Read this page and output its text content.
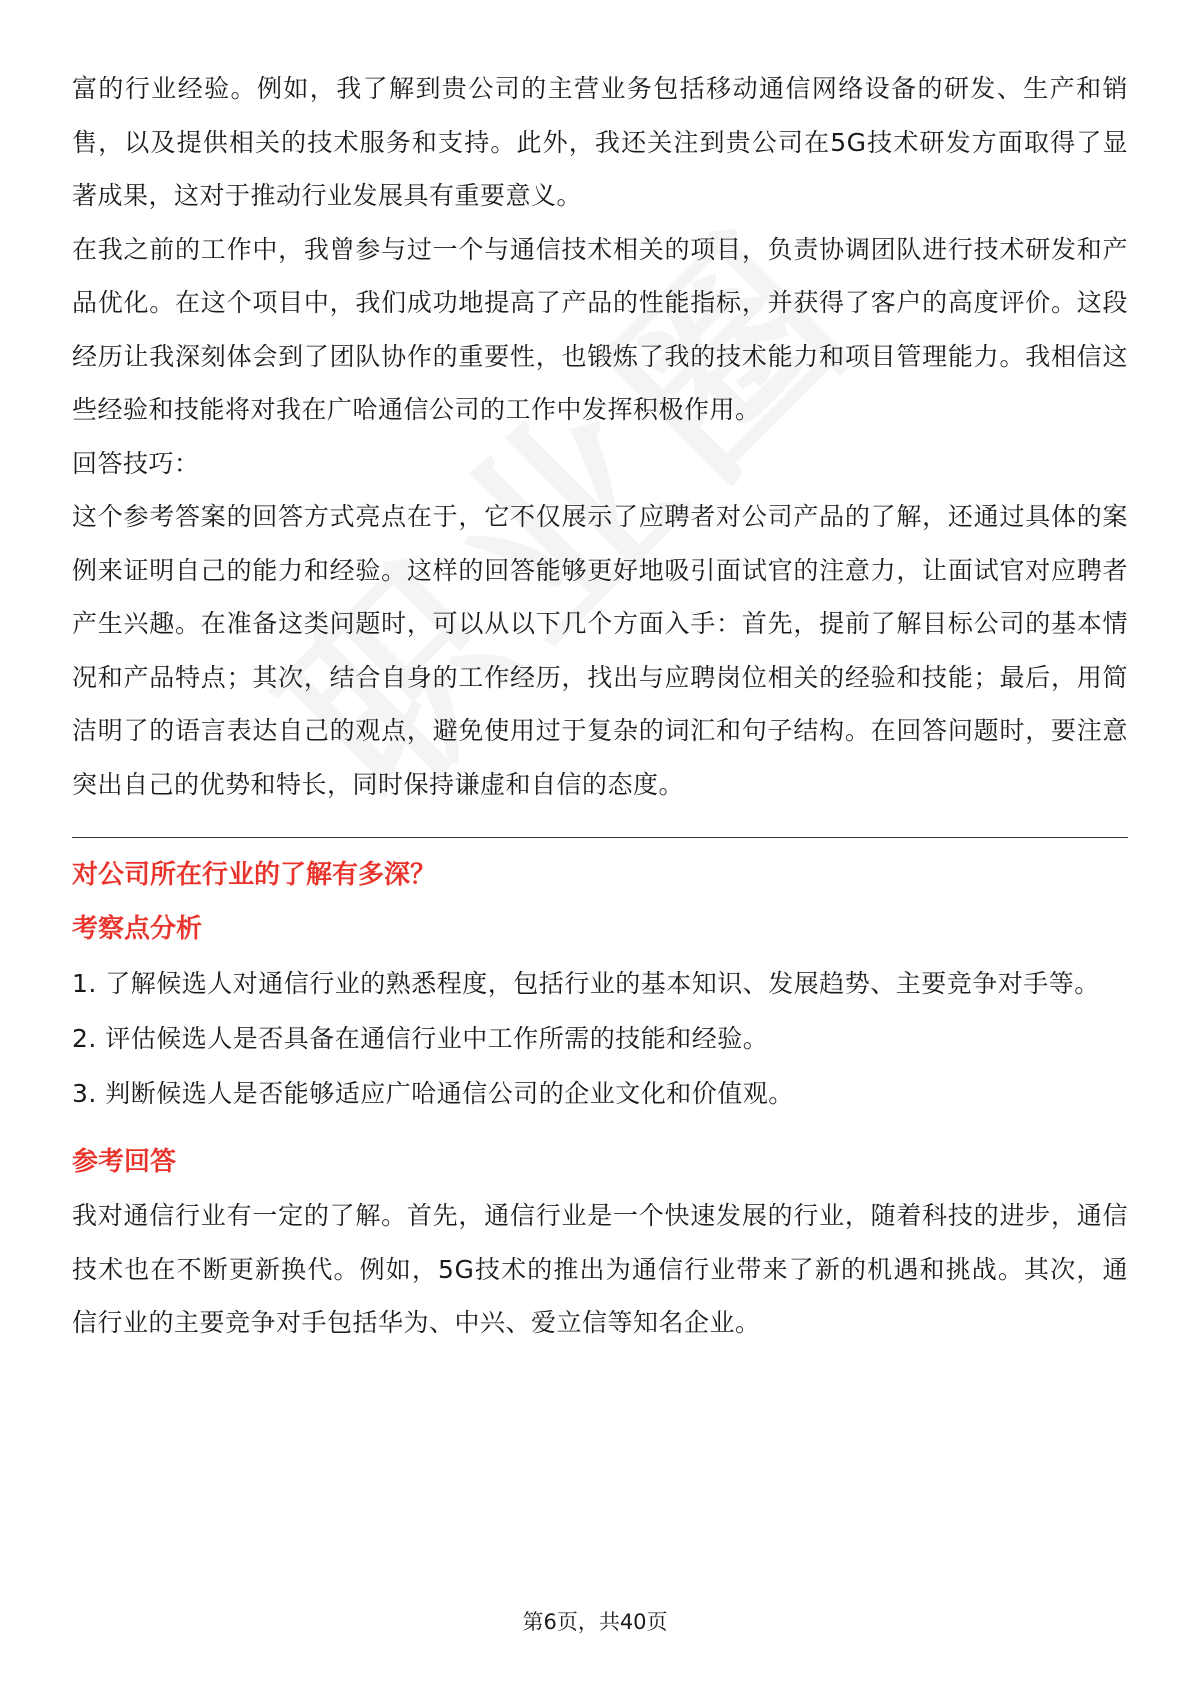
富的行业经验。例如，我了解到贵公司的主营业务包括移动通信网络设备的研发、生产和销售，以及提供相关的技术服务和支持。此外，我还关注到贵公司在5G技术研发方面取得了显著成果，这对于推动行业发展具有重要意义。

在我之前的工作中，我曾参与过一个与通信技术相关的项目，负责协调团队进行技术研发和产品优化。在这个项目中，我们成功地提高了产品的性能指标，并获得了客户的高度评价。这段经历让我深刻体会到了团队协作的重要性，也锻炼了我的技术能力和项目管理能力。我相信这些经验和技能将对我在广哈通信公司的工作中发挥积极作用。

回答技巧：

这个参考答案的回答方式亮点在于，它不仅展示了应聘者对公司产品的了解，还通过具体的案例来证明自己的能力和经验。这样的回答能够更好地吸引面试官的注意力，让面试官对应聘者产生兴趣。在准备这类问题时，可以从以下几个方面入手：首先，提前了解目标公司的基本情况和产品特点；其次，结合自身的工作经历，找出与应聘岗位相关的经验和技能；最后，用简洁明了的语言表达自己的观点，避免使用过于复杂的词汇和句子结构。在回答问题时，要注意突出自己的优势和特长，同时保持谦虚和自信的态度。

对公司所在行业的了解有多深？

考察点分析

1. 了解候选人对通信行业的熟悉程度，包括行业的基本知识、发展趋势、主要竞争对手等。

2. 评估候选人是否具备在通信行业中工作所需的技能和经验。

3. 判断候选人是否能够适应广哈通信公司的企业文化和价值观。

参考回答

我对通信行业有一定的了解。首先，通信行业是一个快速发展的行业，随着科技的进步，通信技术也在不断更新换代。例如，5G技术的推出为通信行业带来了新的机遇和挑战。其次，通信行业的主要竞争对手包括华为、中兴、爱立信等知名企业。

第6页，共40页
